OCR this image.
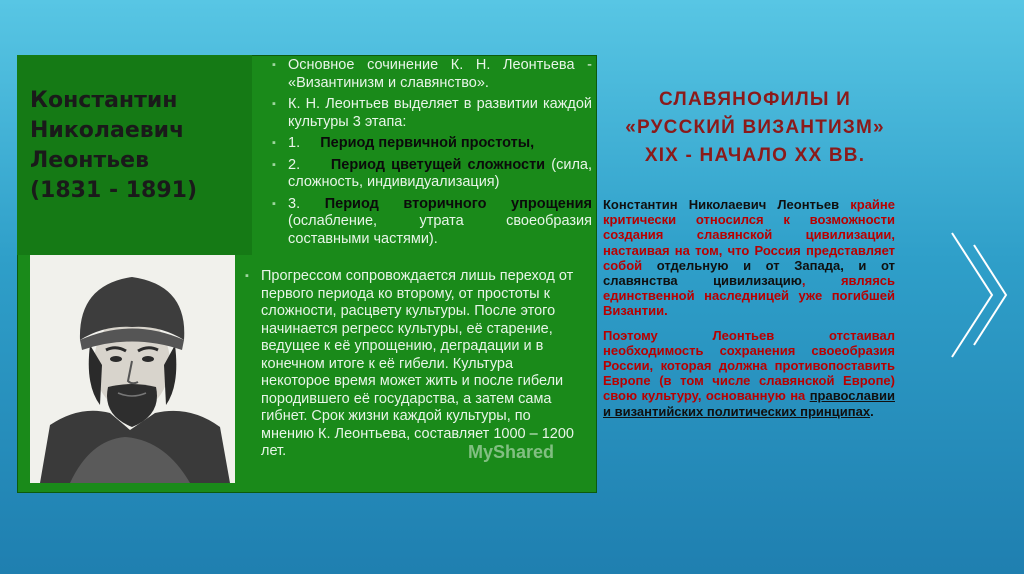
Константин
Николаевич
Леонтьев
(1831 - 1891)
▪ Основное сочинение К. Н. Леонтьева - «Византинизм и славянство».
▪ К. Н. Леонтьев выделяет в развитии каждой культуры 3 этапа:
▪ 1. Период первичной простоты,
▪ 2. Период цветущей сложности (сила, сложность, индивидуализация)
▪ 3. Период вторичного упрощения (ослабление, утрата своеобразия составными частями).
▪ Прогрессом сопровождается лишь переход от первого периода ко второму, от простоты к сложности, расцвету культуры. После этого начинается регресс культуры, её старение, ведущее к её упрощению, деградации и в конечном итоге к её гибели. Культура некоторое время может жить и после гибели породившего её государства, а затем сама гибнет. Срок жизни каждой культуры, по мнению К. Леонтьева, составляет 1000 – 1200 лет.	MyShared
СЛАВЯНОФИЛЫ И
«РУССКИЙ ВИЗАНТИЗМ»
XIX - НАЧАЛО XX ВВ.

Константин Николаевич Леонтьев крайне критически относился к возможности создания славянской цивилизации, настаивая на том, что Россия представляет собой отдельную и от Запада, и от славянства цивилизацию, являясь единственной наследницей уже погибшей Византии.

Поэтому Леонтьев отстаивал необходимость сохранения своеобразия России, которая должна противопоставить Европе (в том числе славянской Европе) свою культуру, основанную на православии и византийских политических принципах.
